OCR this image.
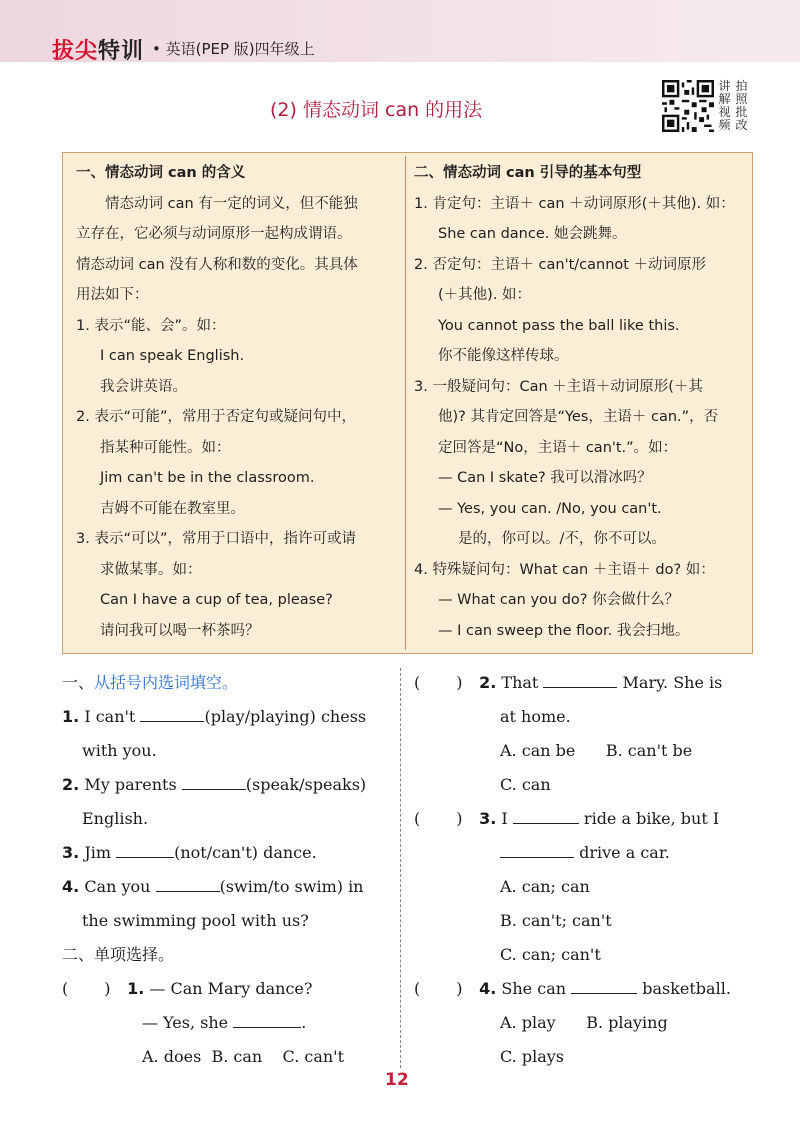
拔尖特训 • 英语(PEP 版)四年级上
(2) 情态动词 can 的用法
讲
解
视
频
拍
照
批
改
一、情态动词 can 的含义
情态动词 can 有一定的词义，但不能独
立存在，它必须与动词原形一起构成谓语。
情态动词 can 没有人称和数的变化。其具体
用法如下：
1. 表示“能、会”。如：
I can speak English.
我会讲英语。
2. 表示“可能”，常用于否定句或疑问句中，
指某种可能性。如：
Jim can't be in the classroom.
吉姆不可能在教室里。
3. 表示“可以”，常用于口语中，指许可或请
求做某事。如：
Can I have a cup of tea, please?
请问我可以喝一杯茶吗？
二、情态动词 can 引导的基本句型
1. 肯定句：主语＋ can ＋动词原形(＋其他). 如：
She can dance. 她会跳舞。
2. 否定句：主语＋ can't/cannot ＋动词原形
(＋其他). 如：
You cannot pass the ball like this.
你不能像这样传球。
3. 一般疑问句：Can ＋主语＋动词原形(＋其
他)? 其肯定回答是“Yes，主语＋ can.”，否
定回答是“No，主语＋ can't.”。如：
— Can I skate? 我可以滑冰吗？
— Yes, you can. /No, you can't.
是的，你可以。/不，你不可以。
4. 特殊疑问句：What can ＋主语＋ do? 如：
— What can you do? 你会做什么？
— I can sweep the floor. 我会扫地。
一、从括号内选词填空。
1. I can't	(play/playing) chess
with you.
2. My parents	(speak/speaks)
English.
3. Jim	(not/can't) dance.
4. Can you	(swim/to swim) in
the swimming pool with us?
二、单项选择。
( ) 1. — Can Mary dance?
— Yes, she	.
A. does B. can C. can't
( ) 2. That	Mary. She is
at home.
A. can be B. can't be
C. can
( ) 3. I	ride a bike, but I
drive a car.
A. can; can
B. can't; can't
C. can; can't
( ) 4. She can	basketball.
A. play B. playing
C. plays
12
